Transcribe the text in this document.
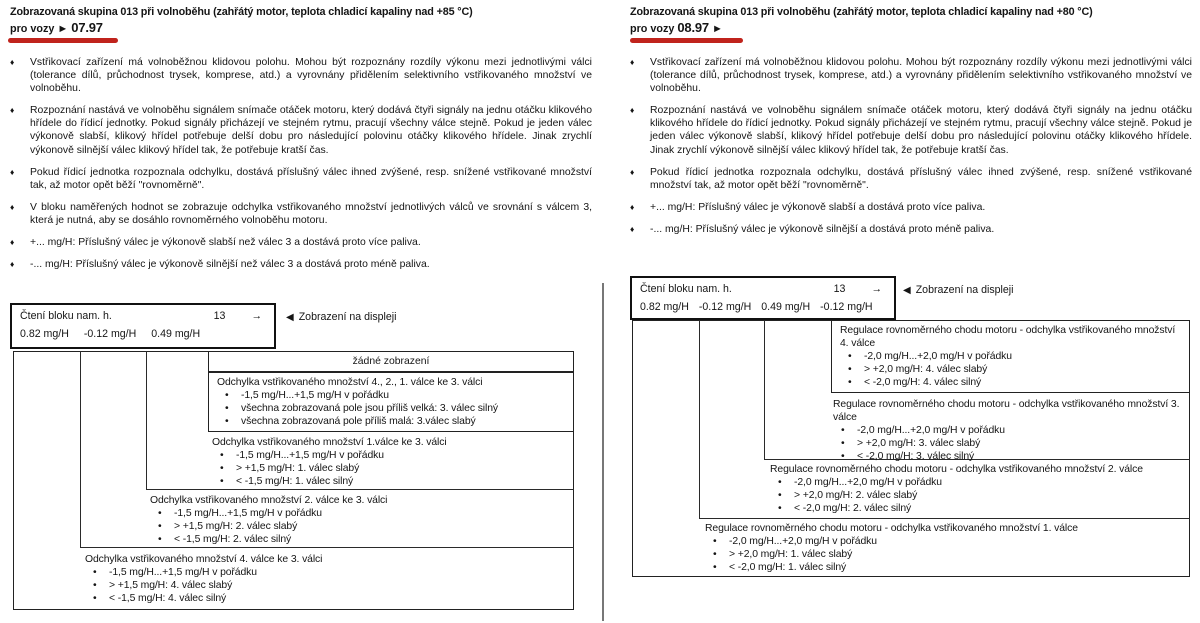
Zobrazovaná skupina 013 při volnoběhu (zahřátý motor, teplota chladicí kapaliny nad +85 °C)
pro vozy ► 07.97
♦	Vstřikovací zařízení má volnoběžnou klidovou polohu. Mohou být rozpoznány rozdíly výkonu mezi jednotlivými válci (tolerance dílů, průchodnost trysek, komprese, atd.) a vyrovnány přidělením selektivního vstřikovaného množství ve volnoběhu.
♦	Rozpoznání nastává ve volnoběhu signálem snímače otáček motoru, který dodává čtyři signály na jednu otáčku klikového hřídele do řídicí jednotky. Pokud signály přicházejí ve stejném rytmu, pracují všechny válce stejně. Pokud je jeden válec výkonově slabší, klikový hřídel potřebuje delší dobu pro následující polovinu otáčky klikového hřídele. Jinak zrychlí výkonově silnější válec klikový hřídel tak, že potřebuje kratší čas.
♦	Pokud řídicí jednotka rozpoznala odchylku, dostává příslušný válec ihned zvýšené, resp. snížené vstřikované množství tak, až motor opět běží "rovnoměrně".
♦	V bloku naměřených hodnot se zobrazuje odchylka vstřikovaného množství jednotlivých válců ve srovnání s válcem 3, která je nutná, aby se dosáhlo rovnoměrného volnoběhu motoru.
♦	+... mg/H: Příslušný válec je výkonově slabší než válec 3 a dostává proto více paliva.
♦	-... mg/H: Příslušný válec je výkonově silnější než válec 3 a dostává proto méně paliva.
Čtení bloku nam. h.	13 →
0.82 mg/H -0.12 mg/H 0.49 mg/H
◀ Zobrazení na displeji
žádné zobrazení
Odchylka vstřikovaného množství 4., 2., 1. válce ke 3. válci
•	-1,5 mg/H...+1,5 mg/H v pořádku
•	všechna zobrazovaná pole jsou příliš velká: 3. válec silný
•	všechna zobrazovaná pole příliš malá: 3.válec slabý
Odchylka vstřikovaného množství 1.válce ke 3. válci
•	-1,5 mg/H...+1,5 mg/H v pořádku
•	> +1,5 mg/H: 1. válec slabý
•	< -1,5 mg/H: 1. válec silný
Odchylka vstřikovaného množství 2. válce ke 3. válci
•	-1,5 mg/H...+1,5 mg/H v pořádku
•	> +1,5 mg/H: 2. válec slabý
•	< -1,5 mg/H: 2. válec silný
Odchylka vstřikovaného množství 4. válce ke 3. válci
•	-1,5 mg/H...+1,5 mg/H v pořádku
•	> +1,5 mg/H: 4. válec slabý
•	< -1,5 mg/H: 4. válec silný
Zobrazovaná skupina 013 při volnoběhu (zahřátý motor, teplota chladicí kapaliny nad +80 °C)
pro vozy 08.97 ►
♦	Vstřikovací zařízení má volnoběžnou klidovou polohu. Mohou být rozpoznány rozdíly výkonu mezi jednotlivými válci (tolerance dílů, průchodnost trysek, komprese, atd.) a vyrovnány přidělením selektivního vstřikovaného množství ve volnoběhu.
♦	Rozpoznání nastává ve volnoběhu signálem snímače otáček motoru, který dodává čtyři signály na jednu otáčku klikového hřídele do řídicí jednotky. Pokud signály přicházejí ve stejném rytmu, pracují všechny válce stejně. Pokud je jeden válec výkonově slabší, klikový hřídel potřebuje delší dobu pro následující polovinu otáčky klikového hřídele. Jinak zrychlí výkonově silnější válec klikový hřídel tak, že potřebuje kratší čas.
♦	Pokud řídicí jednotka rozpoznala odchylku, dostává příslušný válec ihned zvýšené, resp. snížené vstřikované množství tak, až motor opět běží "rovnoměrně".
♦	+... mg/H: Příslušný válec je výkonově slabší a dostává proto více paliva.
♦	-... mg/H: Příslušný válec je výkonově silnější a dostává proto méně paliva.
Čtení bloku nam. h.	13 →
0.82 mg/H -0.12 mg/H 0.49 mg/H -0.12 mg/H
◀ Zobrazení na displeji
Regulace rovnoměrného chodu motoru - odchylka vstřikovaného množství 4. válce
•	-2,0 mg/H...+2,0 mg/H v pořádku
•	> +2,0 mg/H: 4. válec slabý
•	< -2,0 mg/H: 4. válec silný
Regulace rovnoměrného chodu motoru - odchylka vstřikovaného množství 3. válce
•	-2,0 mg/H...+2,0 mg/H v pořádku
•	> +2,0 mg/H: 3. válec slabý
•	< -2,0 mg/H: 3. válec silný
Regulace rovnoměrného chodu motoru - odchylka vstřikovaného množství 2. válce
•	-2,0 mg/H...+2,0 mg/H v pořádku
•	> +2,0 mg/H: 2. válec slabý
•	< -2,0 mg/H: 2. válec silný
Regulace rovnoměrného chodu motoru - odchylka vstřikovaného množství 1. válce
•	-2,0 mg/H...+2,0 mg/H v pořádku
•	> +2,0 mg/H: 1. válec slabý
•	< -2,0 mg/H: 1. válec silný
